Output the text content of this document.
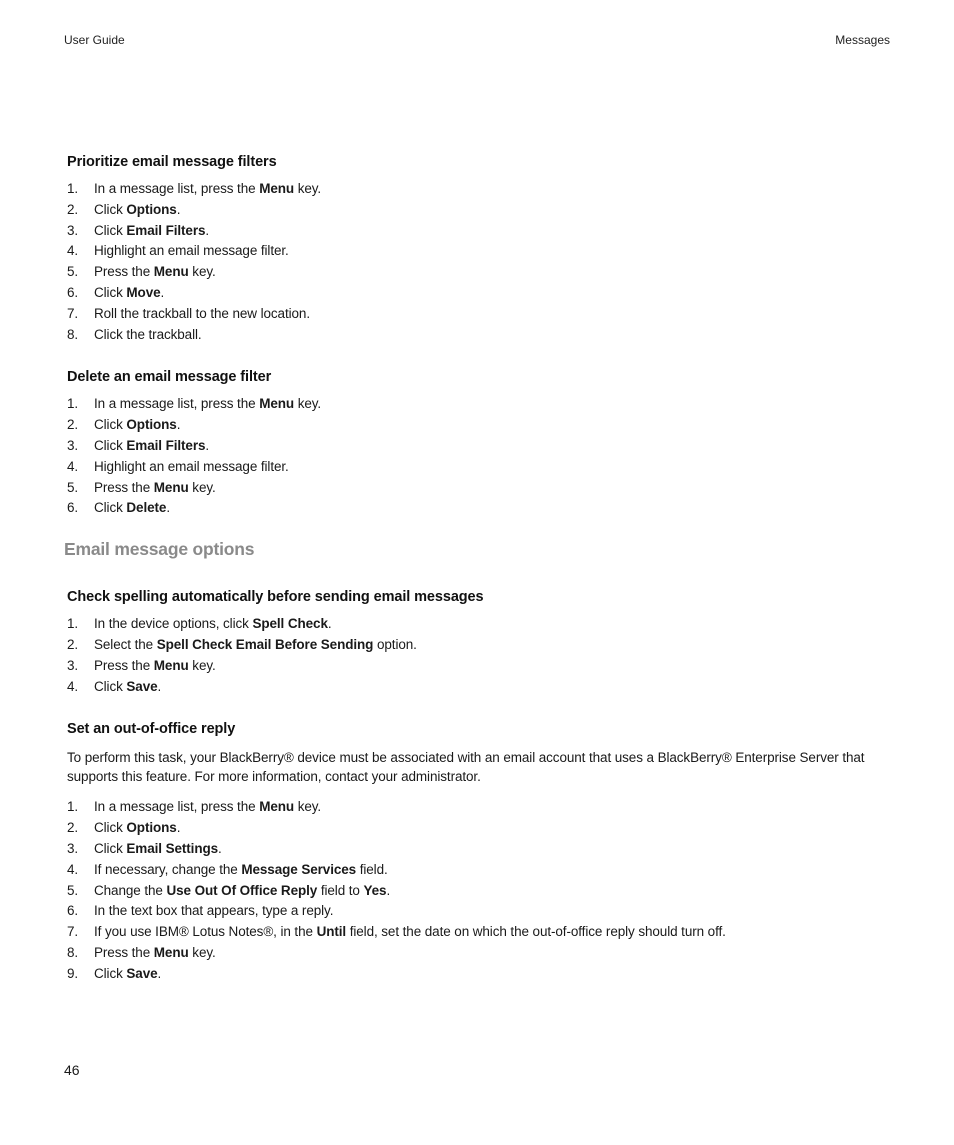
User Guide	Messages
Prioritize email message filters
1. In a message list, press the Menu key.
2. Click Options.
3. Click Email Filters.
4. Highlight an email message filter.
5. Press the Menu key.
6. Click Move.
7. Roll the trackball to the new location.
8. Click the trackball.
Delete an email message filter
1. In a message list, press the Menu key.
2. Click Options.
3. Click Email Filters.
4. Highlight an email message filter.
5. Press the Menu key.
6. Click Delete.
Email message options
Check spelling automatically before sending email messages
1. In the device options, click Spell Check.
2. Select the Spell Check Email Before Sending option.
3. Press the Menu key.
4. Click Save.
Set an out-of-office reply

To perform this task, your BlackBerry® device must be associated with an email account that uses a BlackBerry® Enterprise Server that supports this feature. For more information, contact your administrator.

1. In a message list, press the Menu key.
2. Click Options.
3. Click Email Settings.
4. If necessary, change the Message Services field.
5. Change the Use Out Of Office Reply field to Yes.
6. In the text box that appears, type a reply.
7. If you use IBM® Lotus Notes®, in the Until field, set the date on which the out-of-office reply should turn off.
8. Press the Menu key.
9. Click Save.
46
